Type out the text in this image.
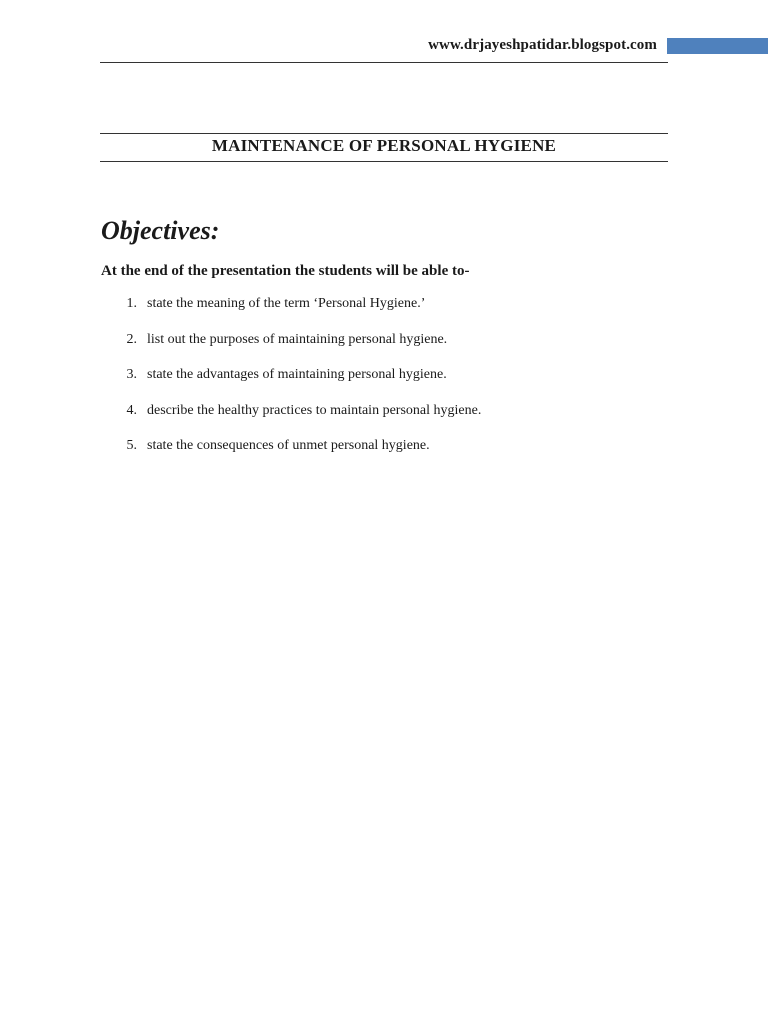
www.drjayeshpatidar.blogspot.com
MAINTENANCE OF PERSONAL HYGIENE
Objectives:
At the end of the presentation the students will be able to-
1. state the meaning of the term ‘Personal Hygiene.’
2. list out the purposes of maintaining personal hygiene.
3. state the advantages of maintaining personal hygiene.
4. describe the healthy practices to maintain personal hygiene.
5. state the consequences of unmet personal hygiene.
